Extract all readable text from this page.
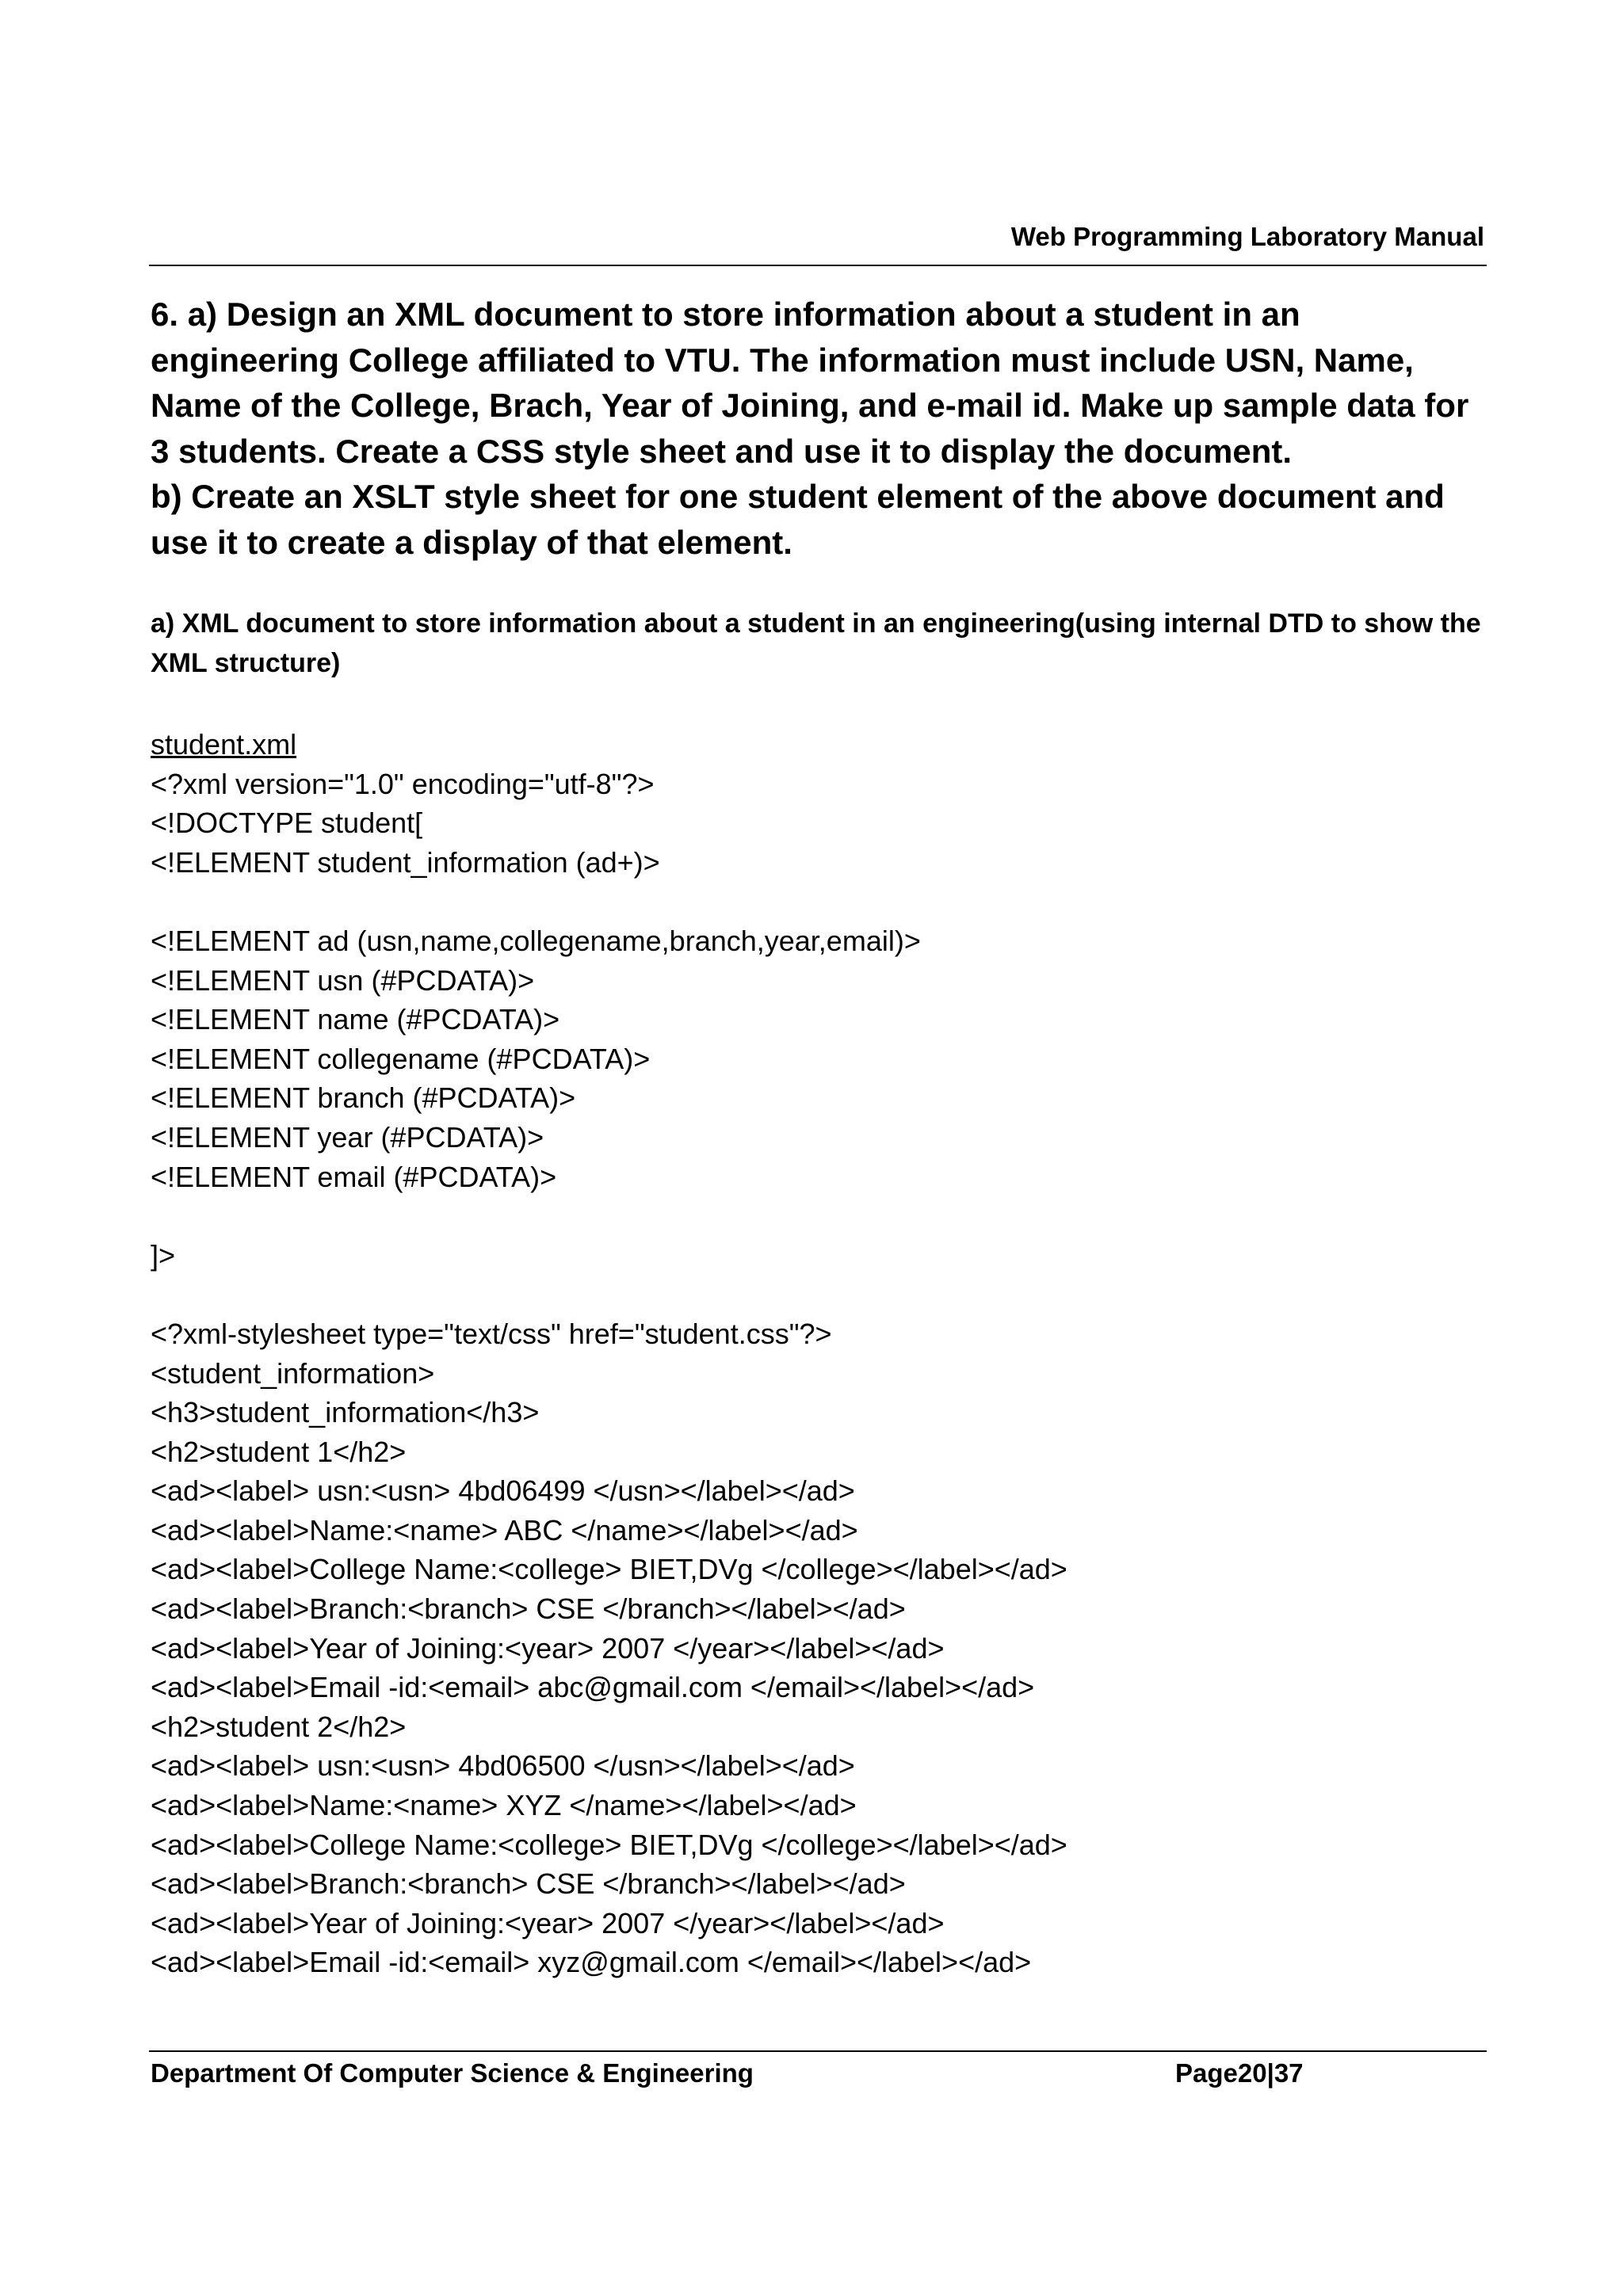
Web Programming Laboratory Manual

6. a) Design an XML document to store information about a student in an engineering College affiliated to VTU. The information must include USN, Name, Name of the College, Brach, Year of Joining, and e-mail id. Make up sample data for 3 students. Create a CSS style sheet and use it to display the document.

b) Create an XSLT style sheet for one student element of the above document and use it to create a display of that element.

a) XML document to store information about a student in an engineering(using internal DTD to show the XML structure)
student.xml
<?xml version="1.0" encoding="utf-8"?>
<!DOCTYPE student[
<!ELEMENT student_information (ad+)>
<!ELEMENT ad (usn,name,collegename,branch,year,email)>
<!ELEMENT usn (#PCDATA)>
<!ELEMENT name (#PCDATA)>
<!ELEMENT collegename (#PCDATA)>
<!ELEMENT branch (#PCDATA)>
<!ELEMENT year (#PCDATA)>
<!ELEMENT email (#PCDATA)>
]>
<?xml-stylesheet type="text/css" href="student.css"?>
<student_information>
<h3>student_information</h3>
<h2>student 1</h2>
<ad><label> usn:<usn> 4bd06499 </usn></label></ad>
<ad><label>Name:<name> ABC </name></label></ad>
<ad><label>College Name:<college> BIET,DVg </college></label></ad>
<ad><label>Branch:<branch> CSE </branch></label></ad>
<ad><label>Year of Joining:<year> 2007 </year></label></ad>
<ad><label>Email -id:<email> abc@gmail.com </email></label></ad>
<h2>student 2</h2>
<ad><label> usn:<usn> 4bd06500 </usn></label></ad>
<ad><label>Name:<name> XYZ </name></label></ad>
<ad><label>College Name:<college> BIET,DVg </college></label></ad>
<ad><label>Branch:<branch> CSE </branch></label></ad>
<ad><label>Year of Joining:<year> 2007 </year></label></ad>
<ad><label>Email -id:<email> xyz@gmail.com </email></label></ad>
Department Of Computer Science & Engineering	Page20|37
